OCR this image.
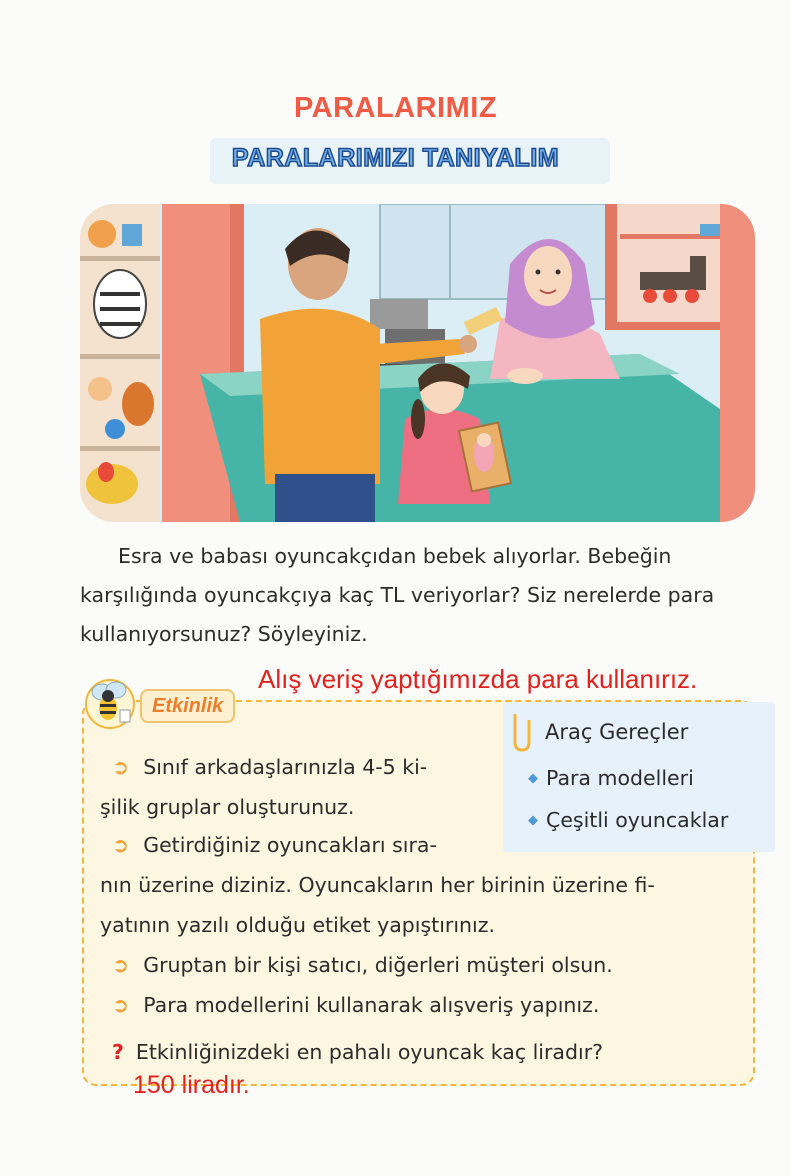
PARALARIMIZ
PARALARIMIZI TANIYALIM
Esra ve babası oyuncakçıdan bebek alıyorlar. Bebeğin karşılığında oyuncakçıya kaç TL veriyorlar? Siz nerelerde para kullanıyorsunuz? Söyleyiniz.
Alış veriş yaptığımızda para kullanırız.
Etkinlik
Araç Gereçler
◆ Para modelleri
◆ Çeşitli oyuncaklar
➲ Sınıf arkadaşlarınızla 4-5 ki-
şilik gruplar oluşturunuz.
➲ Getirdiğiniz oyuncakları sıra-
nın üzerine diziniz. Oyuncakların her birinin üzerine fi-
yatının yazılı olduğu etiket yapıştırınız.
➲ Gruptan bir kişi satıcı, diğerleri müşteri olsun.
➲ Para modellerini kullanarak alışveriş yapınız.
? Etkinliğinizdeki en pahalı oyuncak kaç liradır?
150 liradır.
